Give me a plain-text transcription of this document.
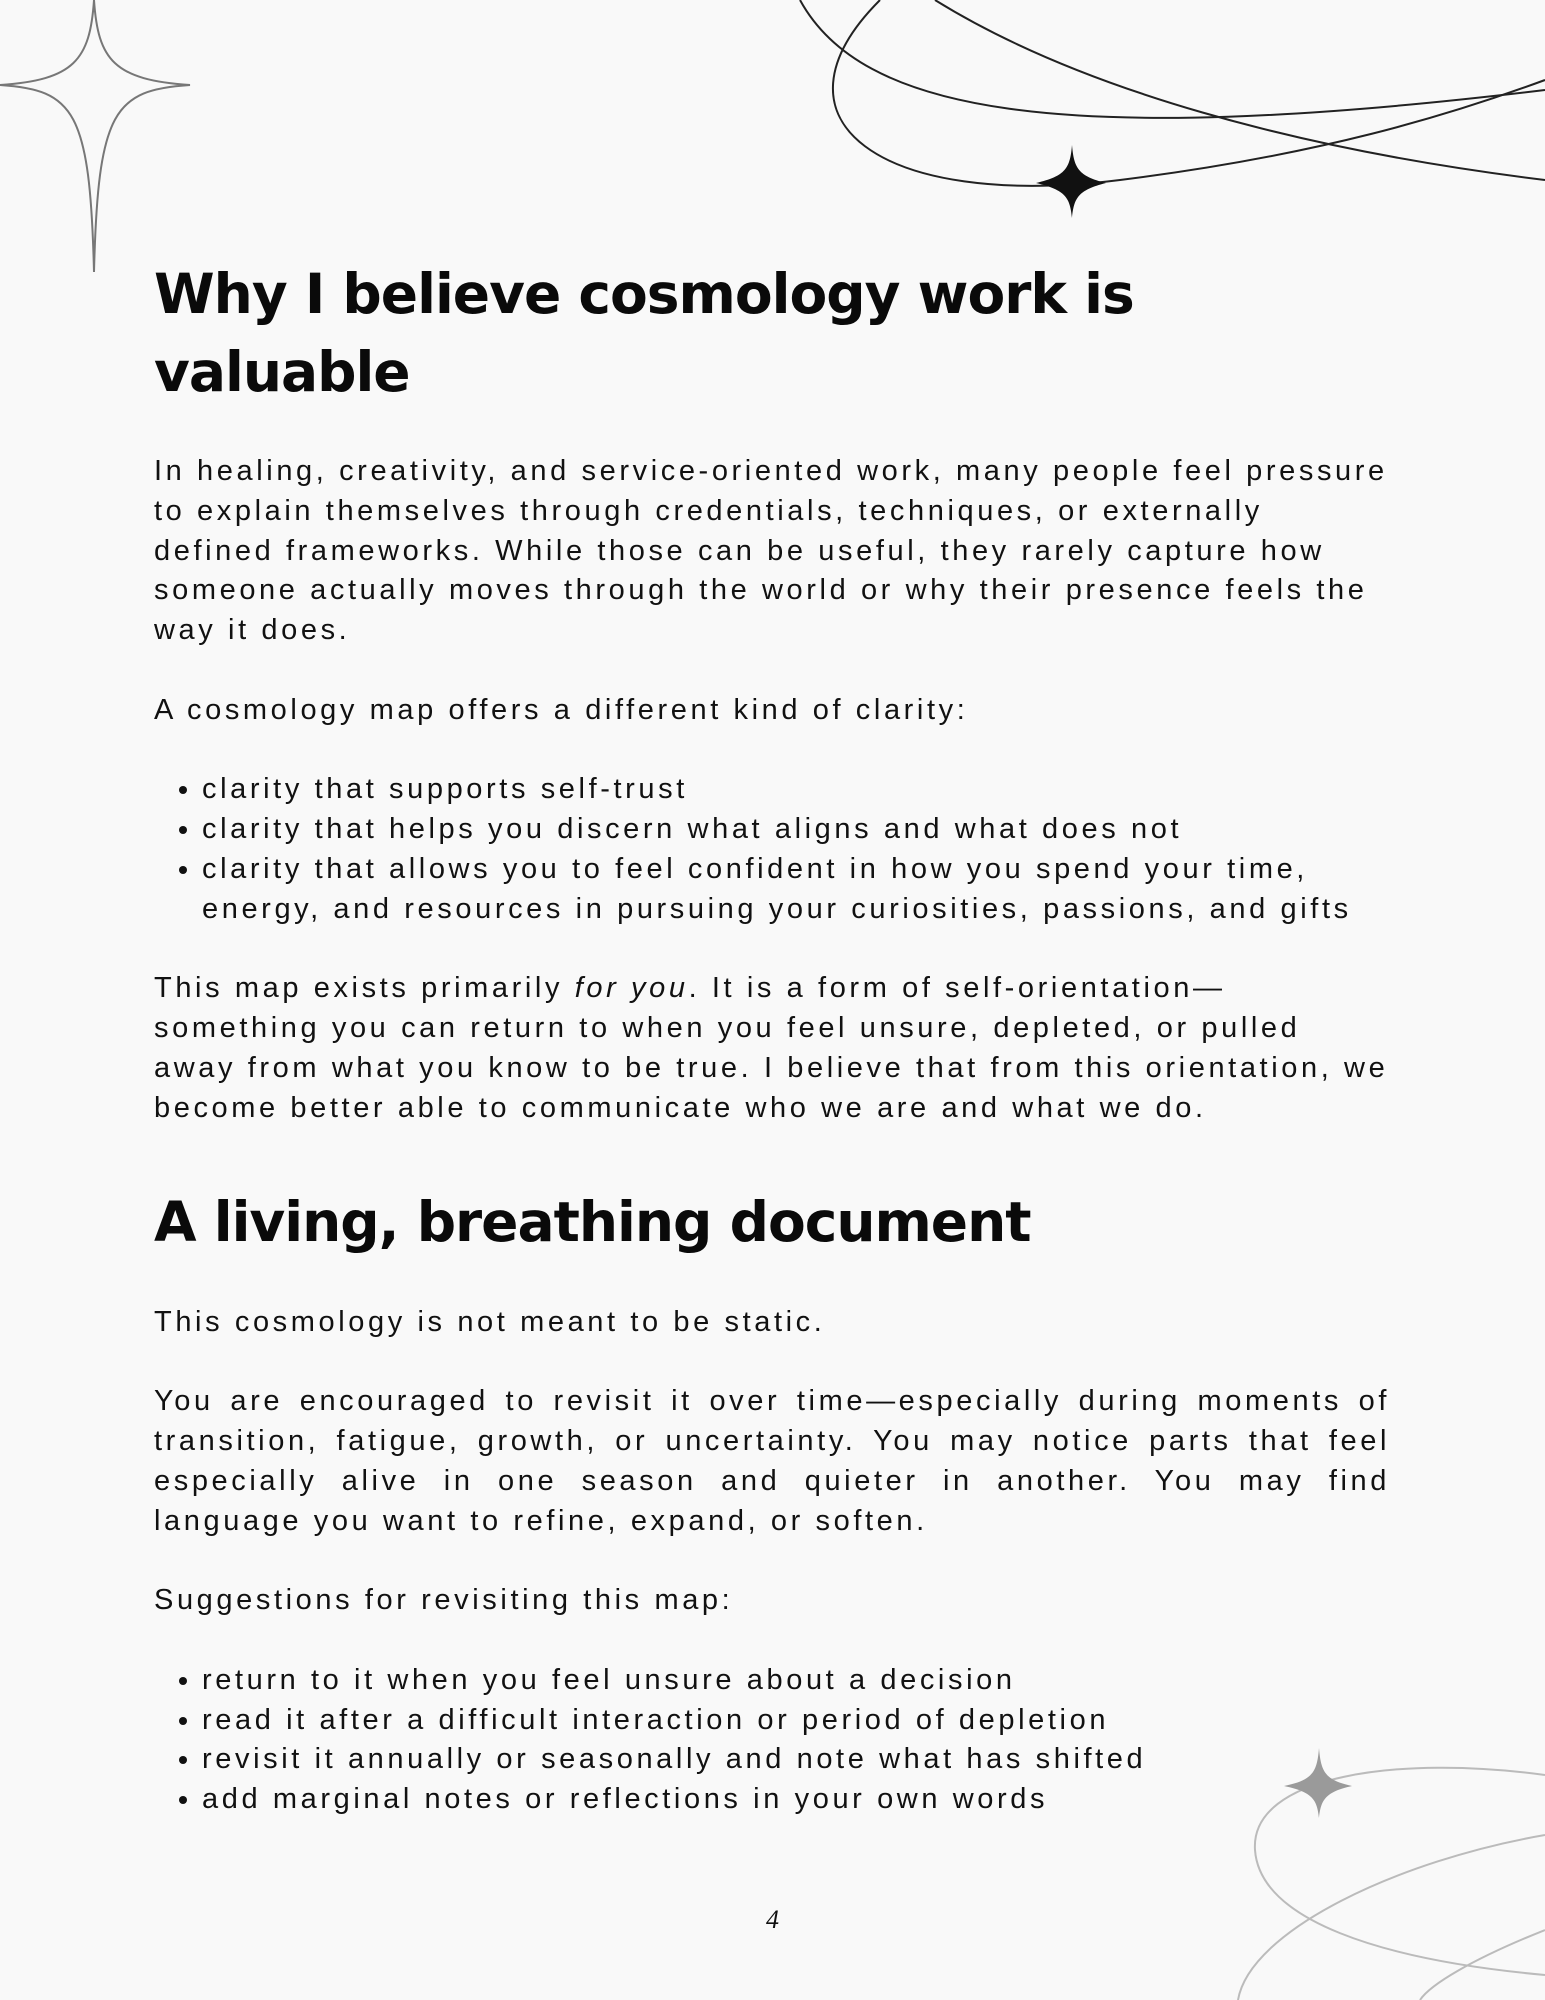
Why I believe cosmology work is valuable

In healing, creativity, and service-oriented work, many people feel pressure to explain themselves through credentials, techniques, or externally defined frameworks. While those can be useful, they rarely capture how someone actually moves through the world or why their presence feels the way it does.

A cosmology map offers a different kind of clarity:

• clarity that supports self-trust
• clarity that helps you discern what aligns and what does not
• clarity that allows you to feel confident in how you spend your time, energy, and resources in pursuing your curiosities, passions, and gifts

This map exists primarily for you. It is a form of self-orientation—something you can return to when you feel unsure, depleted, or pulled away from what you know to be true. I believe that from this orientation, we become better able to communicate who we are and what we do.

A living, breathing document

This cosmology is not meant to be static.

You are encouraged to revisit it over time—especially during moments of transition, fatigue, growth, or uncertainty. You may notice parts that feel especially alive in one season and quieter in another. You may find language you want to refine, expand, or soften.

Suggestions for revisiting this map:

• return to it when you feel unsure about a decision
• read it after a difficult interaction or period of depletion
• revisit it annually or seasonally and note what has shifted
• add marginal notes or reflections in your own words
4
